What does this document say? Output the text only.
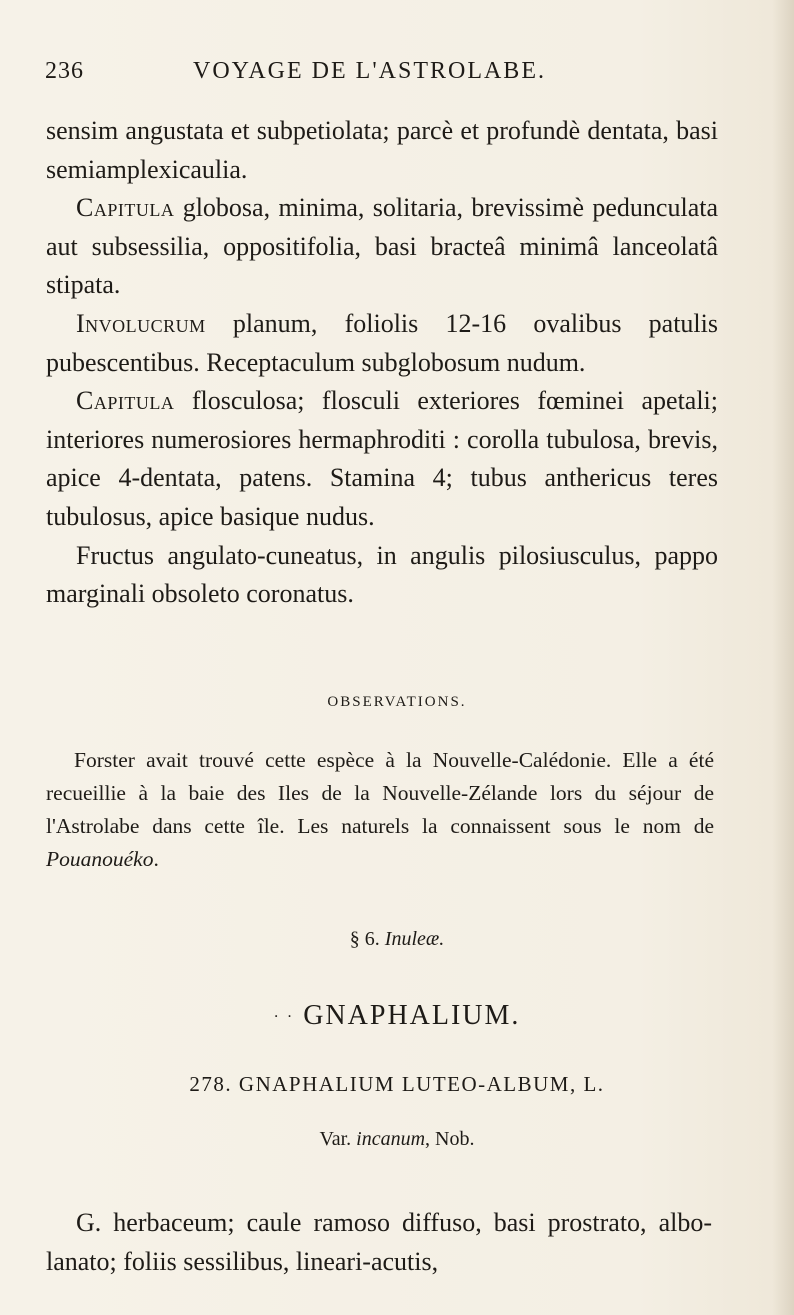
236	VOYAGE DE L'ASTROLABE.

sensim angustata et subpetiolata; parcè et profundè dentata, basi semiamplexicaulia.

Capitula globosa, minima, solitaria, brevissimè pedunculata aut subsessilia, oppositifolia, basi bracteâ minimâ lanceolatâ stipata.

Involucrum planum, foliolis 12-16 ovalibus patulis pubescentibus. Receptaculum subglobosum nudum.

Capitula flosculosa; flosculi exteriores fœminei apetali; interiores numerosiores hermaphroditi : corolla tubulosa, brevis, apice 4-dentata, patens. Stamina 4; tubus anthericus teres tubulosus, apice basique nudus.

Fructus angulato-cuneatus, in angulis pilosiusculus, pappo marginali obsoleto coronatus.

OBSERVATIONS.

Forster avait trouvé cette espèce à la Nouvelle-Calédonie. Elle a été recueillie à la baie des Iles de la Nouvelle-Zélande lors du séjour de l'Astrolabe dans cette île. Les naturels la connaissent sous le nom de Pouanouéko.

§ 6. Inuleæ.
· · GNAPHALIUM.
278. GNAPHALIUM LUTEO-ALBUM, L.
Var. incanum, Nob.

G. herbaceum; caule ramoso diffuso, basi prostrato, albo-lanato; foliis sessilibus, lineari-acutis,
